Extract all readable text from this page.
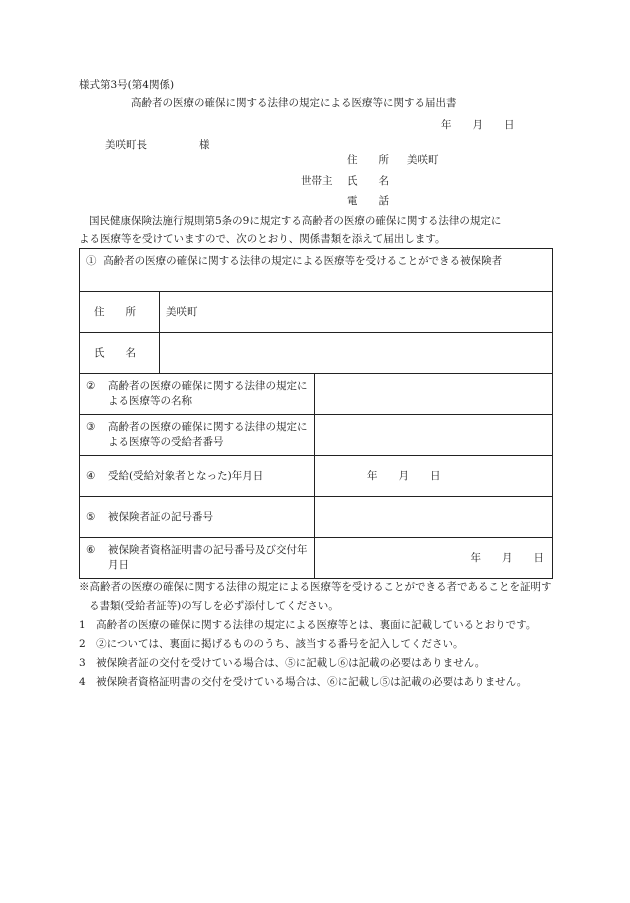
様式第3号(第4関係)
高齢者の医療の確保に関する法律の規定による医療等に関する届出書
年　　月　　日
美咲町長	様
住　　所 美咲町
世帯主 氏　　名
電　　話

国民健康保険法施行規則第5条の9に規定する高齢者の医療の確保に関する法律の規定に

よる医療等を受けていますので、次のとおり、関係書類を添えて届出します。

① 高齢者の医療の確保に関する法律の規定による医療等を受けることができる被保険者		
住　　所	美咲町	
氏　　名		
② 高齢者の医療の確保に関する法律の規定による医療等の名称		
③ 高齢者の医療の確保に関する法律の規定による医療等の受給者番号		
④ 受給(受給対象者となった)年月日		年　　月　　日
⑤ 被保険者証の記号番号		
⑥ 被保険者資格証明書の記号番号及び交付年月日		年　　月　　日

※高齢者の医療の確保に関する法律の規定による医療等を受けることができる者であることを証明する書類(受給者証等)の写しを必ず添付してください。

1　高齢者の医療の確保に関する法律の規定による医療等とは、裏面に記載しているとおりです。

2　②については、裏面に掲げるもののうち、該当する番号を記入してください。

3　被保険者証の交付を受けている場合は、⑤に記載し⑥は記載の必要はありません。

4　被保険者資格証明書の交付を受けている場合は、⑥に記載し⑤は記載の必要はありません。
